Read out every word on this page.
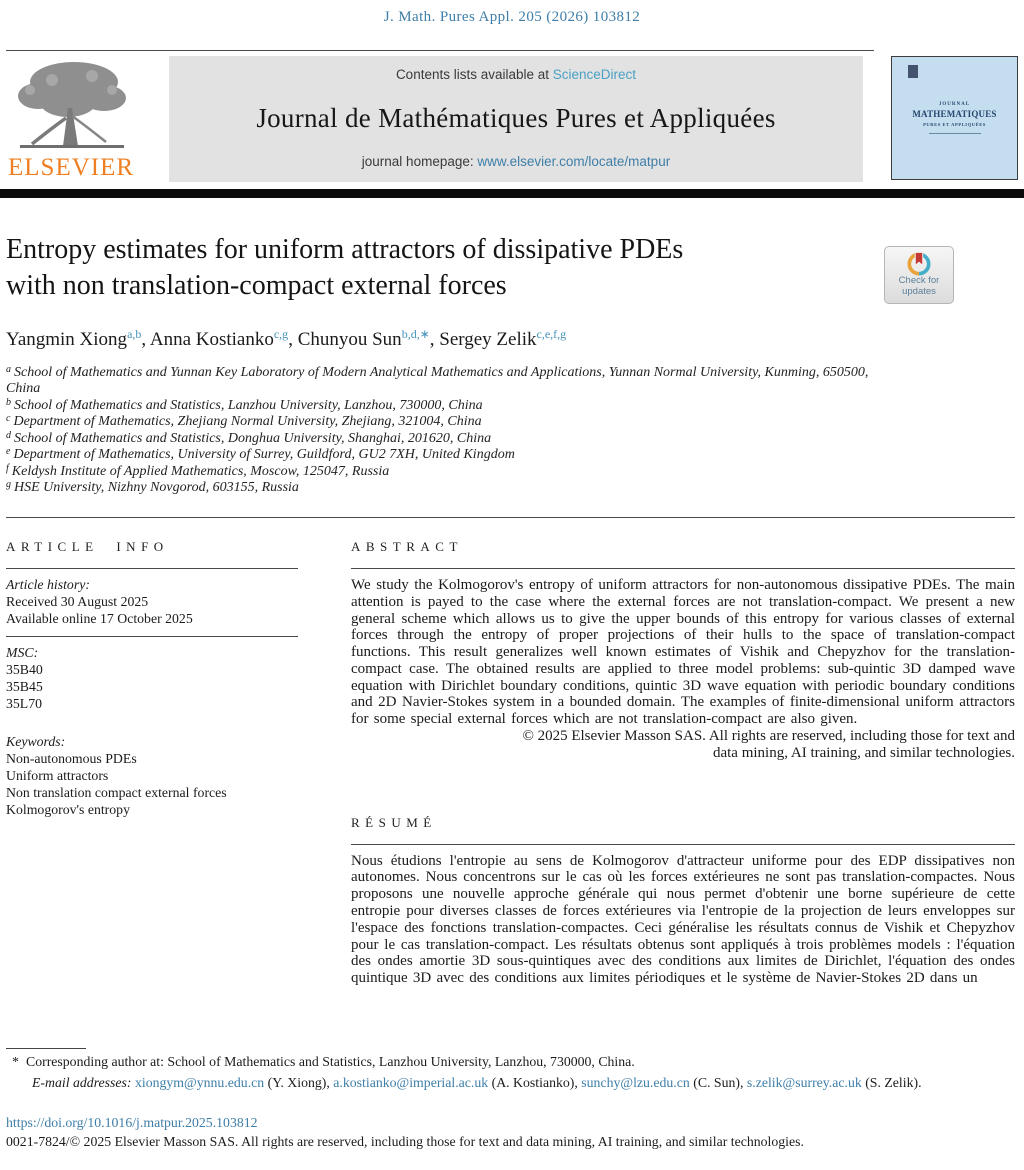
J. Math. Pures Appl. 205 (2026) 103812
ELSEVIER
Contents lists available at ScienceDirect
Journal de Mathématiques Pures et Appliquées
journal homepage: www.elsevier.com/locate/matpur
JOURNAL
MATHEMATIQUES
PURES ET APPLIQUÉES
Entropy estimates for uniform attractors of dissipative PDEs
with non translation-compact external forces	Check for
updates
Yangmin Xiong$^{a,b}$, Anna Kostianko$^{c,g}$, Chunyou Sun$^{b,d,∗}$, Sergey Zelik$^{c,e,f,g}$
$^a$ School of Mathematics and Yunnan Key Laboratory of Modern Analytical Mathematics and Applications, Yunnan Normal University, Kunming, 650500, China
$^b$ School of Mathematics and Statistics, Lanzhou University, Lanzhou, 730000, China
$^c$ Department of Mathematics, Zhejiang Normal University, Zhejiang, 321004, China
$^d$ School of Mathematics and Statistics, Donghua University, Shanghai, 201620, China
$^e$ Department of Mathematics, University of Surrey, Guildford, GU2 7XH, United Kingdom
$^f$ Keldysh Institute of Applied Mathematics, Moscow, 125047, Russia
$^g$ HSE University, Nizhny Novgorod, 603155, Russia
ARTICLE INFO
Article history:
Received 30 August 2025
Available online 17 October 2025
MSC:
35B40
35B45
35L70
Keywords:
Non-autonomous PDEs
Uniform attractors
Non translation compact external forces
Kolmogorov's entropy
ABSTRACT
We study the Kolmogorov's entropy of uniform attractors for non-autonomous dissipative PDEs. The main attention is payed to the case where the external forces are not translation-compact. We present a new general scheme which allows us to give the upper bounds of this entropy for various classes of external forces through the entropy of proper projections of their hulls to the space of translation-compact functions. This result generalizes well known estimates of Vishik and Chepyzhov for the translation-compact case. The obtained results are applied to three model problems: sub-quintic 3D damped wave equation with Dirichlet boundary conditions, quintic 3D wave equation with periodic boundary conditions and 2D Navier-Stokes system in a bounded domain. The examples of finite-dimensional uniform attractors for some special external forces which are not translation-compact are also given.
© 2025 Elsevier Masson SAS. All rights are reserved, including those for text and
data mining, AI training, and similar technologies.
RÉSUMÉ
Nous étudions l'entropie au sens de Kolmogorov d'attracteur uniforme pour des EDP dissipatives non autonomes. Nous concentrons sur le cas où les forces extérieures ne sont pas translation-compactes. Nous proposons une nouvelle approche générale qui nous permet d'obtenir une borne supérieure de cette entropie pour diverses classes de forces extérieures via l'entropie de la projection de leurs enveloppes sur l'espace des fonctions translation-compactes. Ceci généralise les résultats connus de Vishik et Chepyzhov pour le cas translation-compact. Les résultats obtenus sont appliqués à trois problèmes models : l'équation des ondes amortie 3D sous-quintiques avec des conditions aux limites de Dirichlet, l'équation des ondes quintique 3D avec des conditions aux limites périodiques et le système de Navier-Stokes 2D dans un
* Corresponding author at: School of Mathematics and Statistics, Lanzhou University, Lanzhou, 730000, China.
E-mail addresses: xiongym@ynnu.edu.cn (Y. Xiong), a.kostianko@imperial.ac.uk (A. Kostianko), sunchy@lzu.edu.cn (C. Sun), s.zelik@surrey.ac.uk (S. Zelik).
https://doi.org/10.1016/j.matpur.2025.103812
0021-7824/© 2025 Elsevier Masson SAS. All rights are reserved, including those for text and data mining, AI training, and similar technologies.
